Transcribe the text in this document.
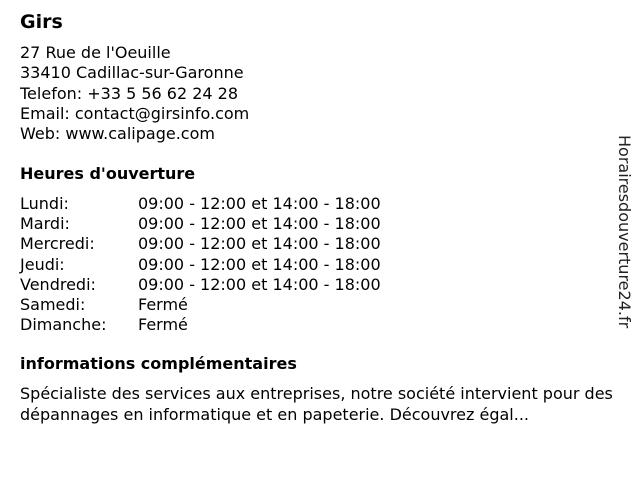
Girs
27 Rue de l'Oeuille
33410 Cadillac-sur-Garonne
Telefon: +33 5 56 62 24 28
Email: contact@girsinfo.com
Web: www.calipage.com
Heures d'ouverture
Lundi:	09:00 - 12:00 et 14:00 - 18:00
Mardi:	09:00 - 12:00 et 14:00 - 18:00
Mercredi:	09:00 - 12:00 et 14:00 - 18:00
Jeudi:	09:00 - 12:00 et 14:00 - 18:00
Vendredi:	09:00 - 12:00 et 14:00 - 18:00
Samedi:	Fermé
Dimanche:	Fermé
informations complémentaires
Spécialiste des services aux entreprises, notre société intervient pour des dépannages en informatique et en papeterie. Découvrez égal...
Horairesdouverture24.fr
